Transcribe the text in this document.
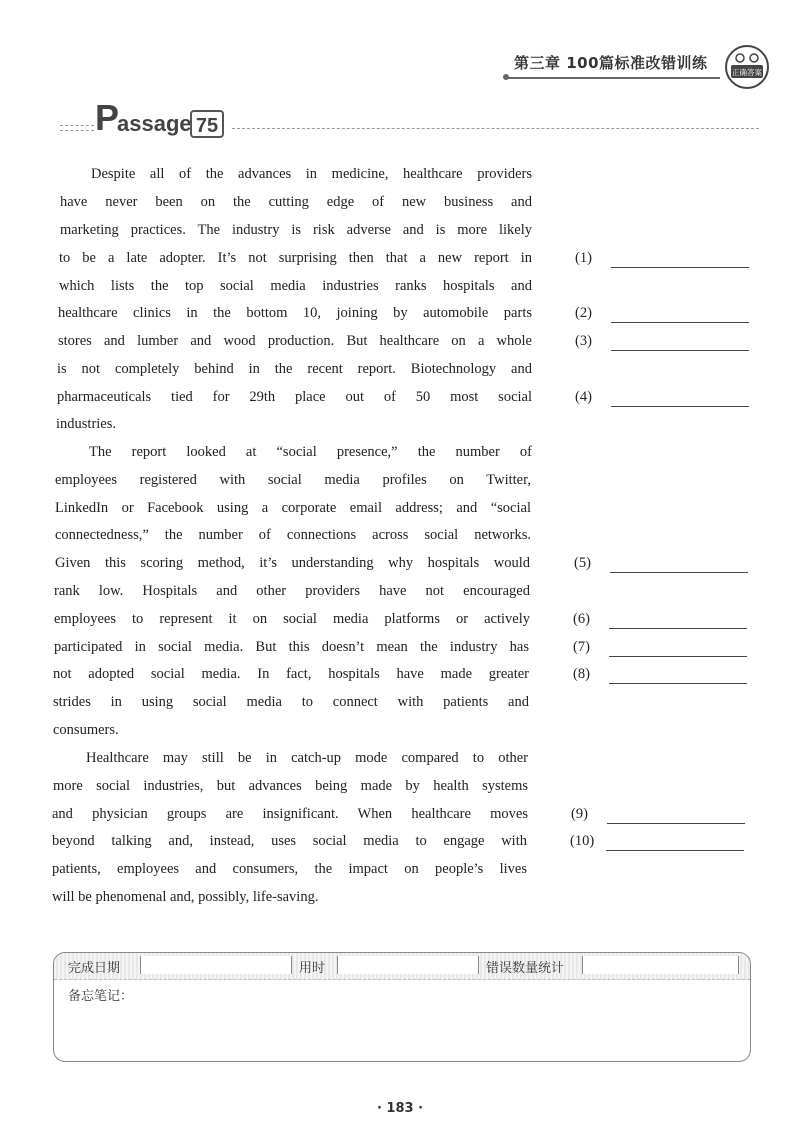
第三章 100篇标准改错训练
正确答案
P
assage 75
Despite all of the advances in medicine, healthcare providers
have never been on the cutting edge of new business and
marketing practices. The industry is risk adverse and is more likely
to be a late adopter. It’s not surprising then that a new report in
which lists the top social media industries ranks hospitals and
healthcare clinics in the bottom 10, joining by automobile parts
stores and lumber and wood production. But healthcare on a whole
is not completely behind in the recent report. Biotechnology and
pharmaceuticals tied for 29th place out of 50 most social
industries.
The report looked at “social presence,” the number of
employees registered with social media profiles on Twitter,
LinkedIn or Facebook using a corporate email address; and “social
connectedness,” the number of connections across social networks.
Given this scoring method, it’s understanding why hospitals would
rank low. Hospitals and other providers have not encouraged
employees to represent it on social media platforms or actively
participated in social media. But this doesn’t mean the industry has
not adopted social media. In fact, hospitals have made greater
strides in using social media to connect with patients and
consumers.
Healthcare may still be in catch-up mode compared to other
more social industries, but advances being made by health systems
and physician groups are insignificant. When healthcare moves
beyond talking and, instead, uses social media to engage with
patients, employees and consumers, the impact on people’s lives
will be phenomenal and, possibly, life-saving.
(1)
(2)
(3)
(4)
(5)
(6)
(7)
(8)
(9)
(10)
完成日期	用时	错误数量统计
备忘笔记：
· 183 ·
